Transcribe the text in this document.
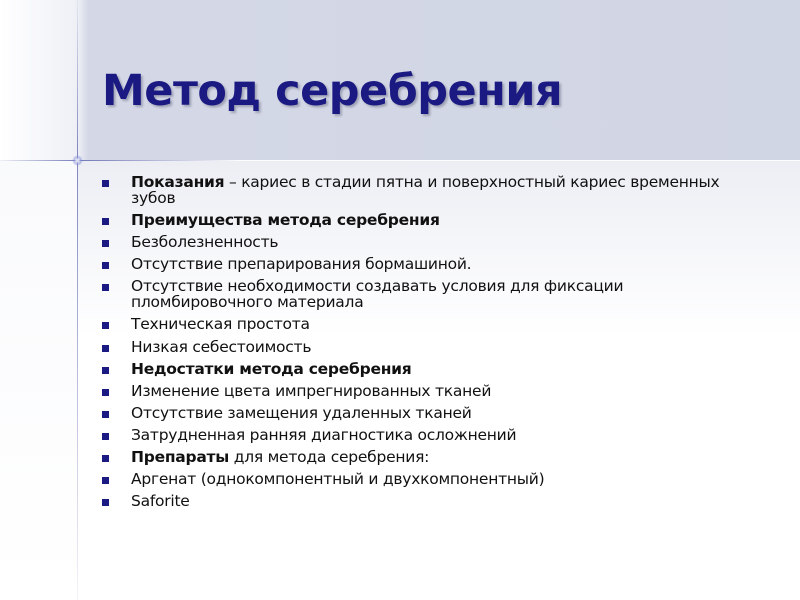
Метод серебрения
Показания – кариес в стадии пятна и поверхностный кариес временных зубов
Преимущества метода серебрения
Безболезненность
Отсутствие препарирования бормашиной.
Отсутствие необходимости создавать условия для фиксации пломбировочного материала
Техническая простота
Низкая себестоимость
Недостатки метода серебрения
Изменение цвета импрегнированных тканей
Отсутствие замещения удаленных тканей
Затрудненная ранняя диагностика осложнений
Препараты для метода серебрения:
Аргенат (однокомпонентный и двухкомпонентный)
Saforite
